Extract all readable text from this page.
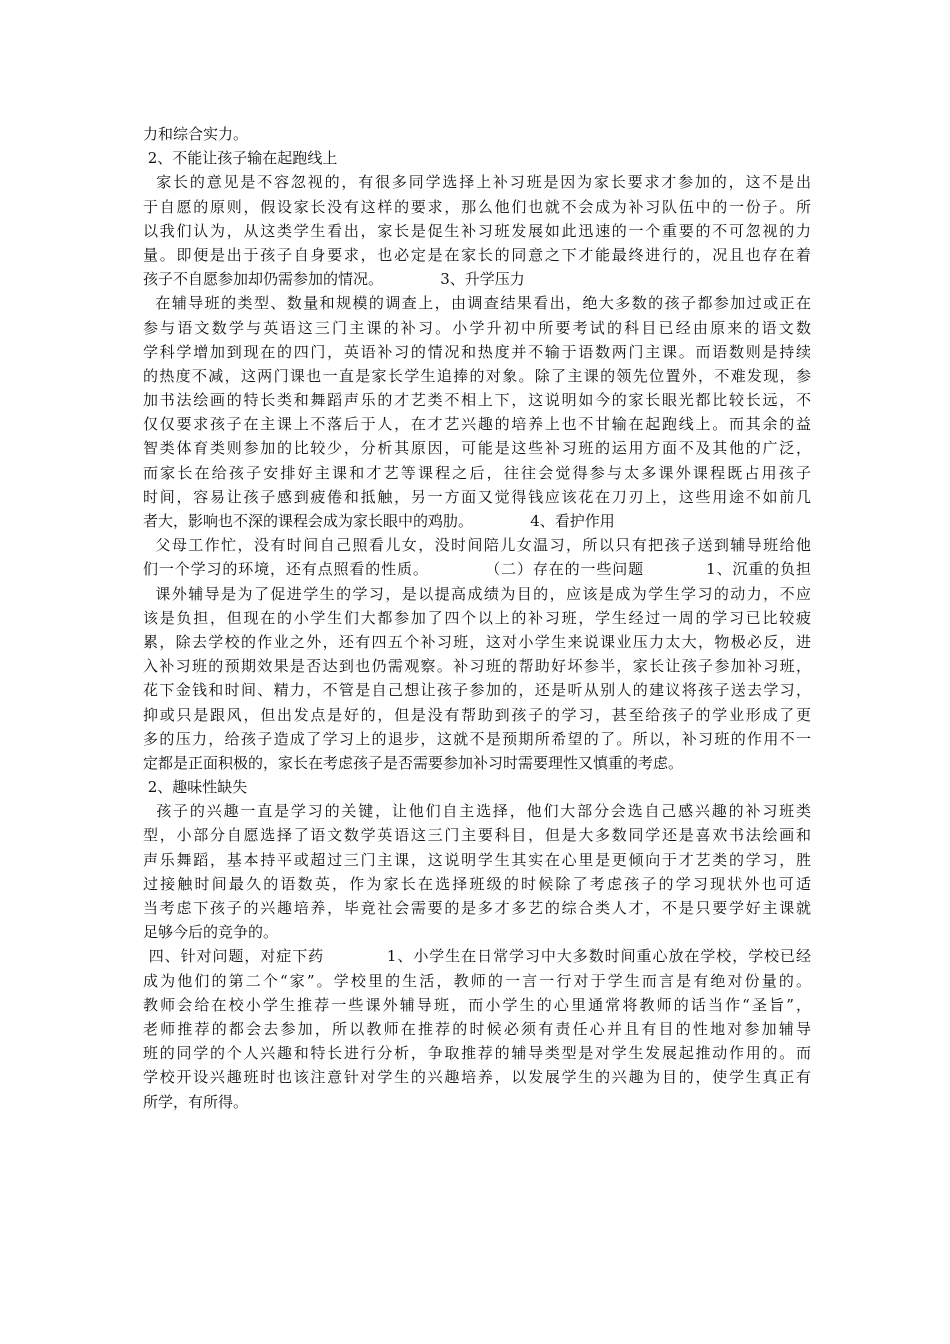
力和综合实力。
2、不能让孩子输在起跑线上
家长的意见是不容忽视的，有很多同学选择上补习班是因为家长要求才参加的，这不是出
于自愿的原则，假设家长没有这样的要求，那么他们也就不会成为补习队伍中的一份子。所
以我们认为，从这类学生看出，家长是促生补习班发展如此迅速的一个重要的不可忽视的力
量。即便是出于孩子自身要求，也必定是在家长的同意之下才能最终进行的，况且也存在着
孩子不自愿参加却仍需参加的情况。            3、升学压力
在辅导班的类型、数量和规模的调查上，由调查结果看出，绝大多数的孩子都参加过或正在
参与语文数学与英语这三门主课的补习。小学升初中所要考试的科目已经由原来的语文数
学科学增加到现在的四门，英语补习的情况和热度并不输于语数两门主课。而语数则是持续
的热度不减，这两门课也一直是家长学生追捧的对象。除了主课的领先位置外，不难发现，参
加书法绘画的特长类和舞蹈声乐的才艺类不相上下，这说明如今的家长眼光都比较长远，不
仅仅要求孩子在主课上不落后于人，在才艺兴趣的培养上也不甘输在起跑线上。而其余的益
智类体育类则参加的比较少，分析其原因，可能是这些补习班的运用方面不及其他的广泛，
而家长在给孩子安排好主课和才艺等课程之后，往往会觉得参与太多课外课程既占用孩子
时间，容易让孩子感到疲倦和抵触，另一方面又觉得钱应该花在刀刃上，这些用途不如前几
者大，影响也不深的课程会成为家长眼中的鸡肋。            4、看护作用
父母工作忙，没有时间自己照看儿女，没时间陪儿女温习，所以只有把孩子送到辅导班给他
们一个学习的环境，还有点照看的性质。          （二）存在的一些问题           1、沉重的负担
课外辅导是为了促进学生的学习，是以提高成绩为目的，应该是成为学生学习的动力，不应
该是负担，但现在的小学生们大都参加了四个以上的补习班，学生经过一周的学习已比较疲
累，除去学校的作业之外，还有四五个补习班，这对小学生来说课业压力太大，物极必反，进
入补习班的预期效果是否达到也仍需观察。补习班的帮助好坏参半，家长让孩子参加补习班，
花下金钱和时间、精力，不管是自己想让孩子参加的，还是听从别人的建议将孩子送去学习，
抑或只是跟风，但出发点是好的，但是没有帮助到孩子的学习，甚至给孩子的学业形成了更
多的压力，给孩子造成了学习上的退步，这就不是预期所希望的了。所以，补习班的作用不一
定都是正面积极的，家长在考虑孩子是否需要参加补习时需要理性又慎重的考虑。
2、趣味性缺失
孩子的兴趣一直是学习的关键，让他们自主选择，他们大部分会选自己感兴趣的补习班类
型，小部分自愿选择了语文数学英语这三门主要科目，但是大多数同学还是喜欢书法绘画和
声乐舞蹈，基本持平或超过三门主课，这说明学生其实在心里是更倾向于才艺类的学习，胜
过接触时间最久的语数英，作为家长在选择班级的时候除了考虑孩子的学习现状外也可适
当考虑下孩子的兴趣培养，毕竟社会需要的是多才多艺的综合类人才，不是只要学好主课就
足够今后的竞争的。
四、针对问题，对症下药           1、小学生在日常学习中大多数时间重心放在学校，学校已经
成为他们的第二个“家”。学校里的生活，教师的一言一行对于学生而言是有绝对份量的。
教师会给在校小学生推荐一些课外辅导班，而小学生的心里通常将教师的话当作“圣旨”，
老师推荐的都会去参加，所以教师在推荐的时候必须有责任心并且有目的性地对参加辅导
班的同学的个人兴趣和特长进行分析，争取推荐的辅导类型是对学生发展起推动作用的。而
学校开设兴趣班时也该注意针对学生的兴趣培养，以发展学生的兴趣为目的，使学生真正有
所学，有所得。
